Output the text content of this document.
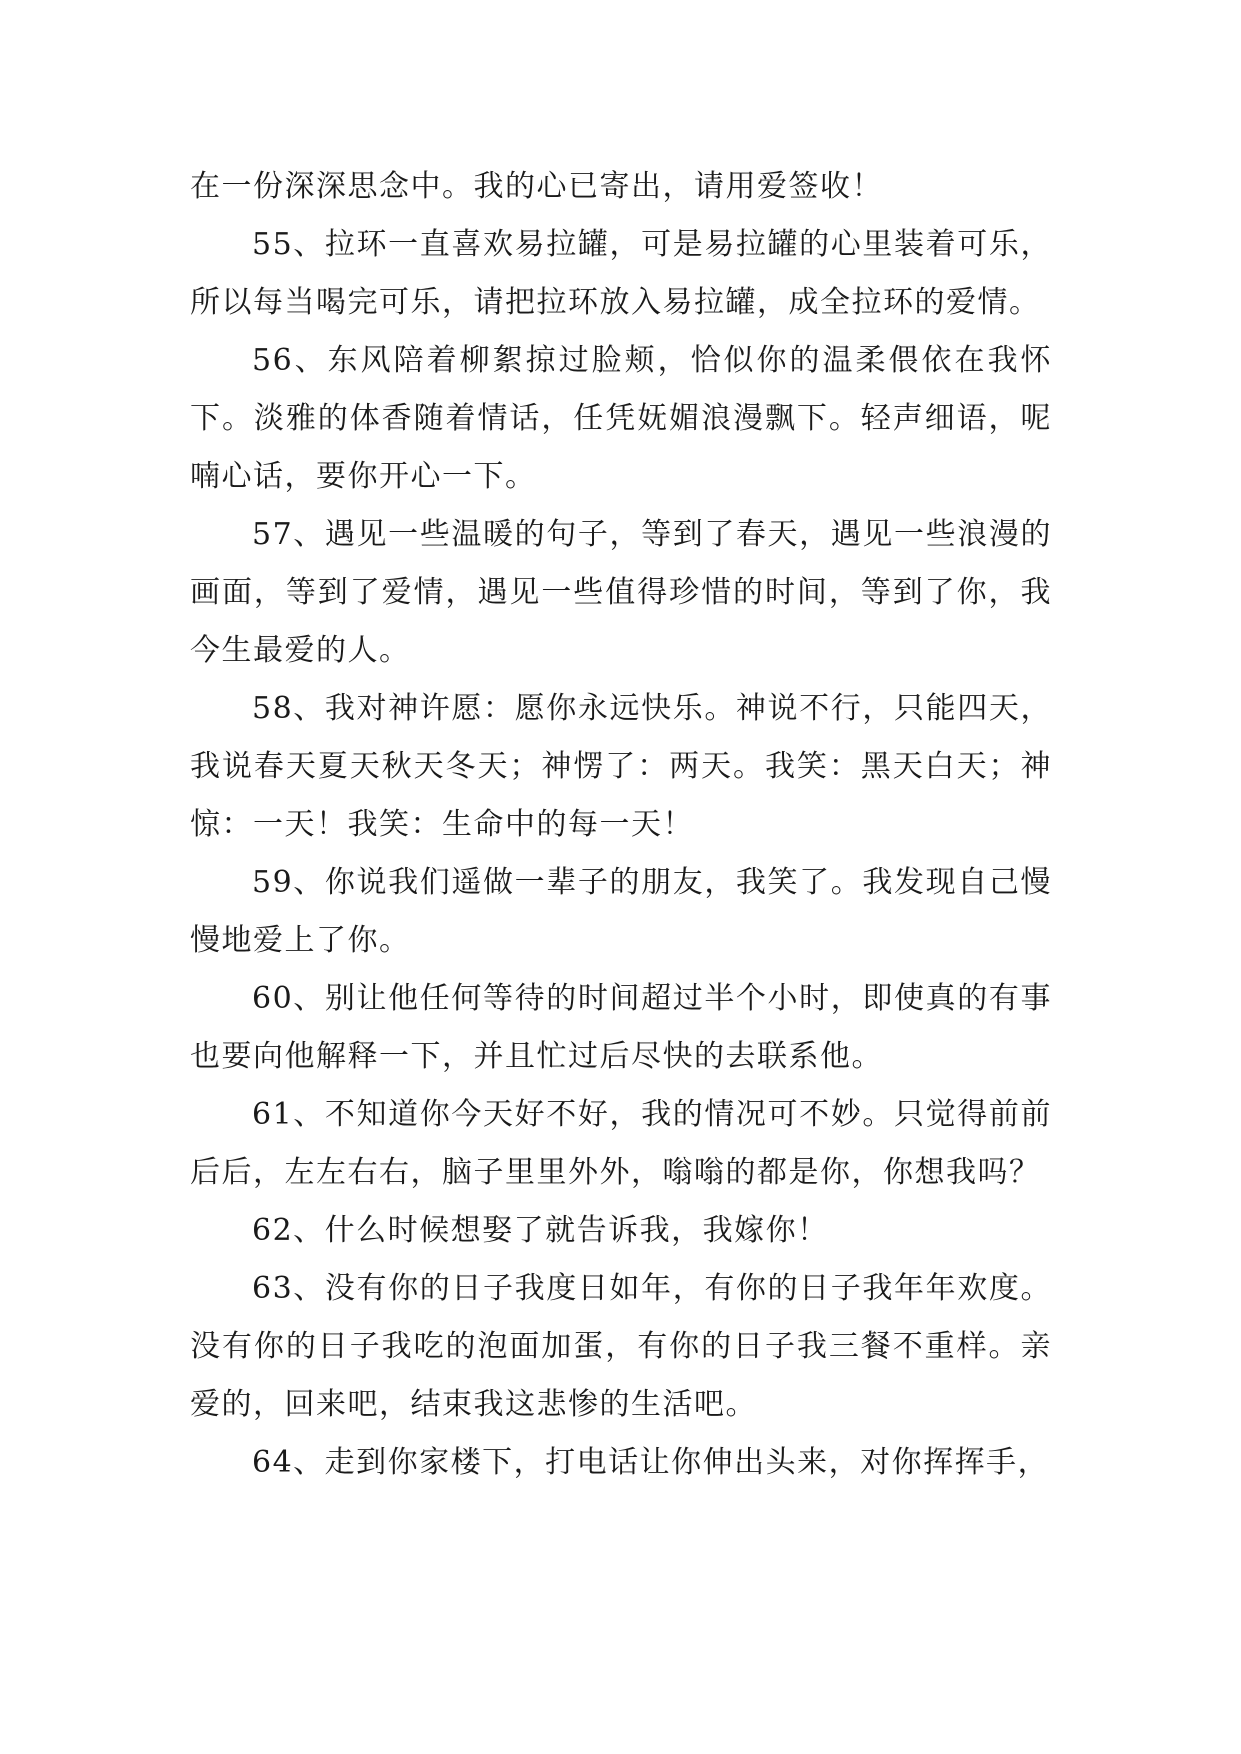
在一份深深思念中。我的心已寄出，请用爱签收！

55、拉环一直喜欢易拉罐，可是易拉罐的心里装着可乐，所以每当喝完可乐，请把拉环放入易拉罐，成全拉环的爱情。

56、东风陪着柳絮掠过脸颊，恰似你的温柔偎依在我怀下。淡雅的体香随着情话，任凭妩媚浪漫飘下。轻声细语，呢喃心话，要你开心一下。

57、遇见一些温暖的句子，等到了春天，遇见一些浪漫的画面，等到了爱情，遇见一些值得珍惜的时间，等到了你，我今生最爱的人。

58、我对神许愿：愿你永远快乐。神说不行，只能四天，我说春天夏天秋天冬天；神愣了：两天。我笑：黑天白天；神惊：一天！我笑：生命中的每一天！

59、你说我们遥做一辈子的朋友，我笑了。我发现自己慢慢地爱上了你。

60、别让他任何等待的时间超过半个小时，即使真的有事也要向他解释一下，并且忙过后尽快的去联系他。

61、不知道你今天好不好，我的情况可不妙。只觉得前前后后，左左右右，脑子里里外外，嗡嗡的都是你，你想我吗？

62、什么时候想娶了就告诉我，我嫁你！

63、没有你的日子我度日如年，有你的日子我年年欢度。没有你的日子我吃的泡面加蛋，有你的日子我三餐不重样。亲爱的，回来吧，结束我这悲惨的生活吧。

64、走到你家楼下，打电话让你伸出头来，对你挥挥手，
